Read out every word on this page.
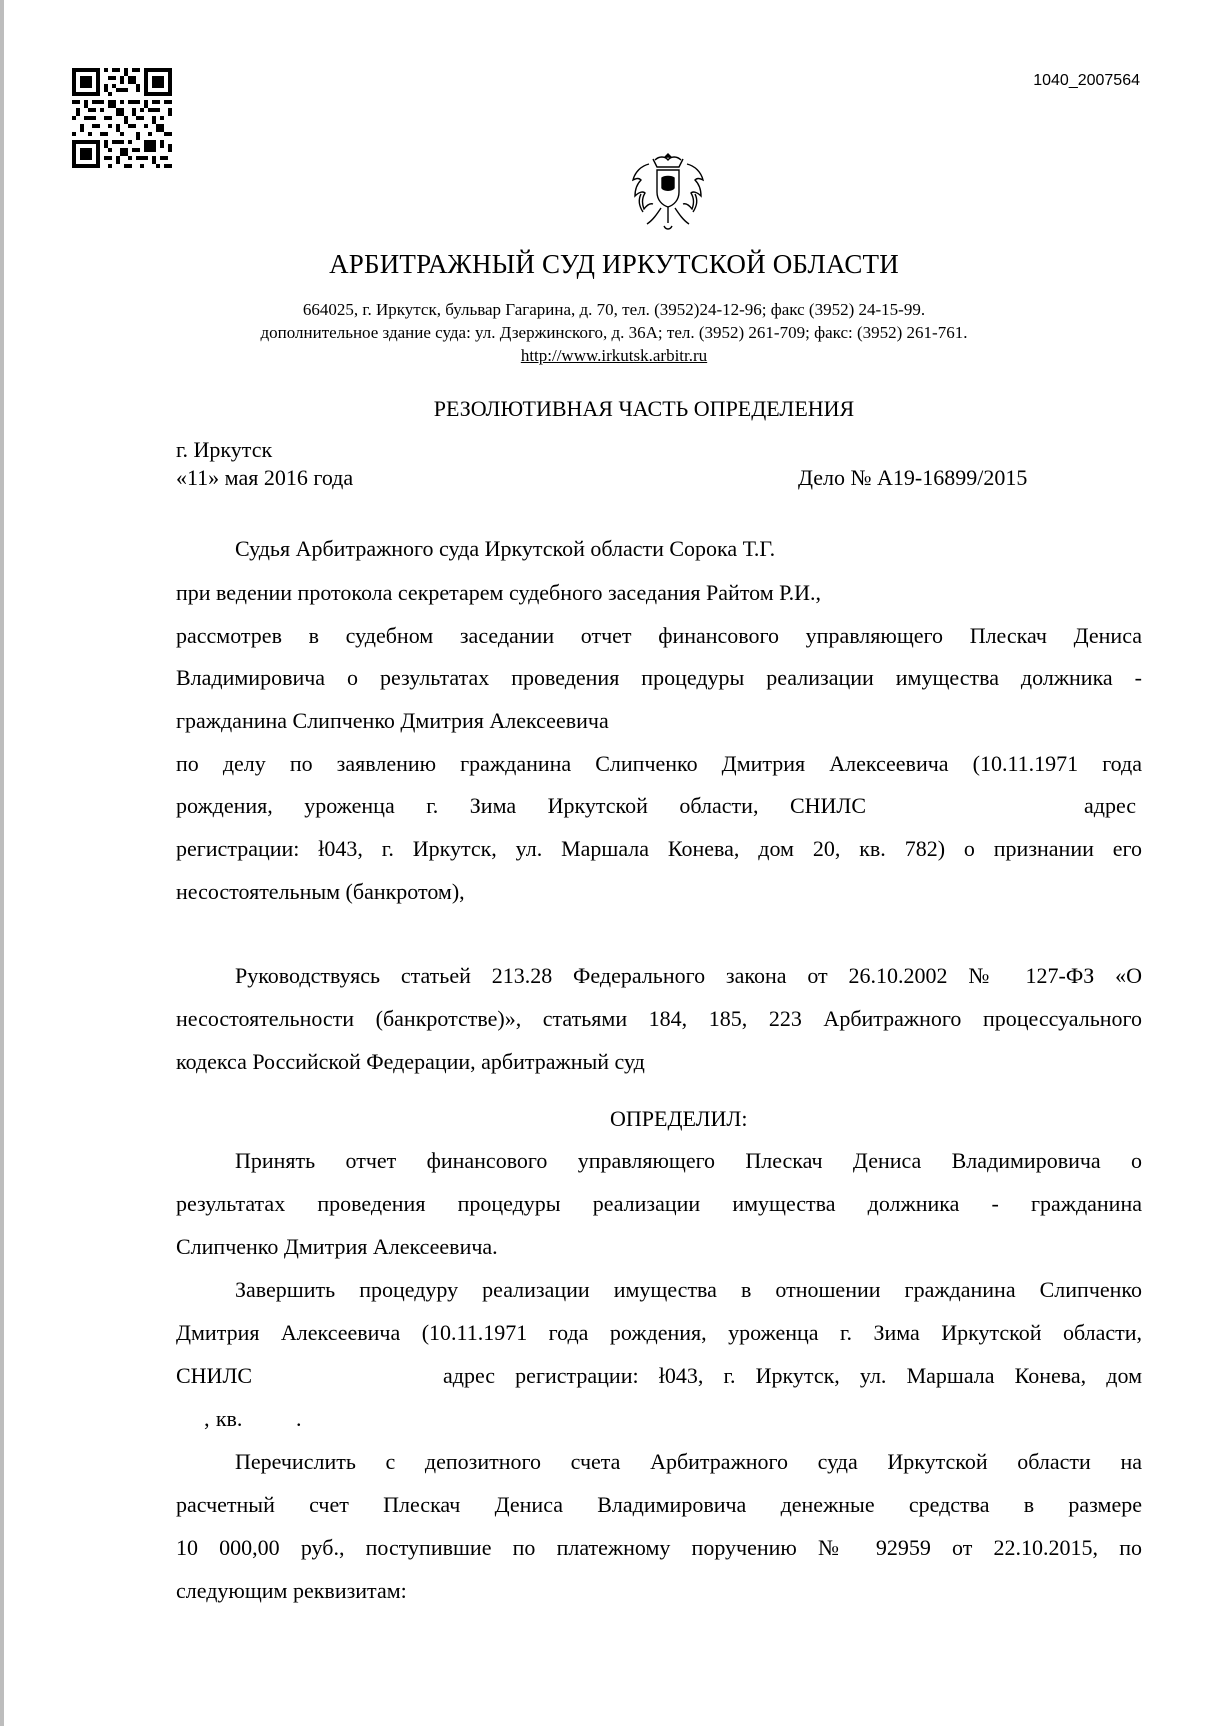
1040_2007564
АРБИТРАЖНЫЙ СУД ИРКУТСКОЙ ОБЛАСТИ
664025, г. Иркутск, бульвар Гагарина, д. 70, тел. (3952)24-12-96; факс (3952) 24-15-99.
дополнительное здание суда: ул. Дзержинского, д. 36А; тел. (3952) 261-709; факс: (3952) 261-761.
http://www.irkutsk.arbitr.ru
РЕЗОЛЮТИВНАЯ ЧАСТЬ ОПРЕДЕЛЕНИЯ
г. Иркутск
«11» мая 2016 года	Дело № А19-16899/2015
Судья Арбитражного суда Иркутской области Сорока Т.Г.
при ведении протокола секретарем судебного заседания Райтом Р.И.,
рассмотрев в судебном заседании отчет финансового управляющего Плескач Дениса
Владимировича о результатах проведения процедуры реализации имущества должника -
гражданина Слипченко Дмитрия Алексеевича
по делу по заявлению гражданина Слипченко Дмитрия Алексеевича (10.11.1971 года
рождения, уроженца г. Зима Иркутской области, СНИЛС	адрес
регистрации: ł043, г. Иркутск, ул. Маршала Конева, дом 20, кв. 782) о признании его
несостоятельным (банкротом),
Руководствуясь статьей 213.28 Федерального закона от 26.10.2002 № 127-ФЗ «О
несостоятельности (банкротстве)», статьями 184, 185, 223 Арбитражного процессуального
кодекса Российской Федерации, арбитражный суд
ОПРЕДЕЛИЛ:
Принять отчет финансового управляющего Плескач Дениса Владимировича о
результатах проведения процедуры реализации имущества должника - гражданина
Слипченко Дмитрия Алексеевича.
Завершить процедуру реализации имущества в отношении гражданина Слипченко
Дмитрия Алексеевича (10.11.1971 года рождения, уроженца г. Зима Иркутской области,
СНИЛС	адрес регистрации: ł043, г. Иркутск, ул. Маршала Конева, дом
‚ кв. .
Перечислить с депозитного счета Арбитражного суда Иркутской области на
расчетный счет Плескач Дениса Владимировича денежные средства в размере
10 000,00 руб., поступившие по платежному поручению № 92959 от 22.10.2015, по
следующим реквизитам:
